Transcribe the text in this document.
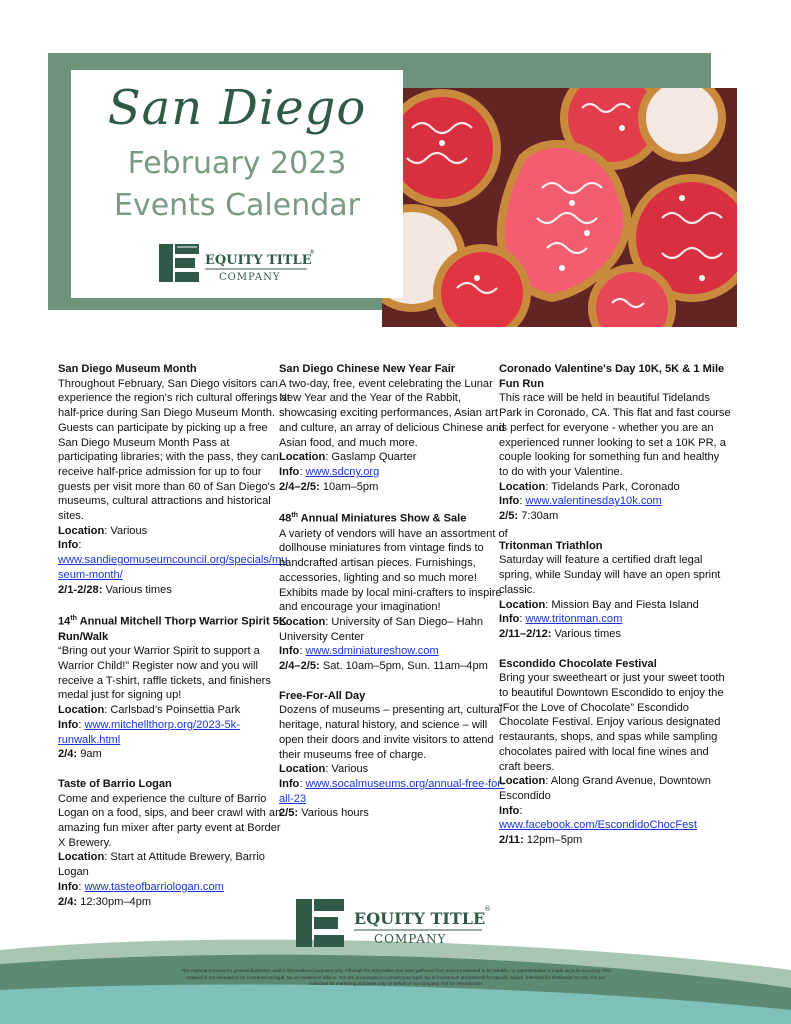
San Diego
February 2023
Events Calendar
EQUITY TITLE
COMPANY
®
San Diego Museum Month
Throughout February, San Diego visitors can experience the region's rich cultural offerings at half-price during San Diego Museum Month. Guests can participate by picking up a free San Diego Museum Month Pass at participating libraries; with the pass, they can receive half-price admission for up to four guests per visit more than 60 of San Diego's museums, cultural attractions and historical sites.
Location: Various
Info:
www.sandiegomuseumcouncil.org/specials/museum-month/
2/1-2/28: Various times
14th Annual Mitchell Thorp Warrior Spirit 5K Run/Walk
“Bring out your Warrior Spirit to support a Warrior Child!” Register now and you will receive a T-shirt, raffle tickets, and finishers medal just for signing up!
Location: Carlsbad’s Poinsettia Park
Info: www.mitchellthorp.org/2023-5k-runwalk.html
2/4: 9am
Taste of Barrio Logan
Come and experience the culture of Barrio Logan on a food, sips, and beer crawl with an amazing fun mixer after party event at Border X Brewery.
Location: Start at Attitude Brewery, Barrio Logan
Info: www.tasteofbarriologan.com
2/4: 12:30pm–4pm
San Diego Chinese New Year Fair
A two-day, free, event celebrating the Lunar New Year and the Year of the Rabbit, showcasing exciting performances, Asian art and culture, an array of delicious Chinese and Asian food, and much more.
Location: Gaslamp Quarter
Info: www.sdcny.org
2/4–2/5: 10am–5pm
48th Annual Miniatures Show & Sale
A variety of vendors will have an assortment of dollhouse miniatures from vintage finds to handcrafted artisan pieces. Furnishings, accessories, lighting and so much more! Exhibits made by local mini-crafters to inspire and encourage your imagination!
Location: University of San Diego– Hahn University Center
Info: www.sdminiatureshow.com
2/4–2/5: Sat. 10am–5pm, Sun. 11am–4pm
Free-For-All Day
Dozens of museums – presenting art, cultural heritage, natural history, and science – will open their doors and invite visitors to attend their museums free of charge.
Location: Various
Info: www.socalmuseums.org/annual-free-for-all-23
2/5: Various hours
Coronado Valentine's Day 10K, 5K & 1 Mile Fun Run
This race will be held in beautiful Tidelands Park in Coronado, CA. This flat and fast course is perfect for everyone - whether you are an experienced runner looking to set a 10K PR, a couple looking for something fun and healthy to do with your Valentine.
Location: Tidelands Park, Coronado
Info: www.valentinesday10k.com
2/5: 7:30am
Tritonman Triathlon
Saturday will feature a certified draft legal spring, while Sunday will have an open sprint classic.
Location: Mission Bay and Fiesta Island
Info: www.tritonman.com
2/11–2/12: Various times
Escondido Chocolate Festival
Bring your sweetheart or just your sweet tooth to beautiful Downtown Escondido to enjoy the “For the Love of Chocolate” Escondido Chocolate Festival. Enjoy various designated restaurants, shops, and spas while sampling chocolates paired with local fine wines and craft beers.
Location: Along Grand Avenue, Downtown Escondido
Info:
www.facebook.com/EscondidoChocFest
2/11: 12pm–5pm
EQUITY TITLE
COMPANY
®
This material is meant for general illustration and/or informational purposes only. Although the information has been gathered from sources believed to be reliable, no representation is made as to its accuracy. This material is not intended to be construed as legal, tax or investment advice. You are encouraged to consult your legal, tax or investment professional for specific advice. Intended for distribution to only one per individual for marketing purposes only on behalf of our company. Not for reproduction.
